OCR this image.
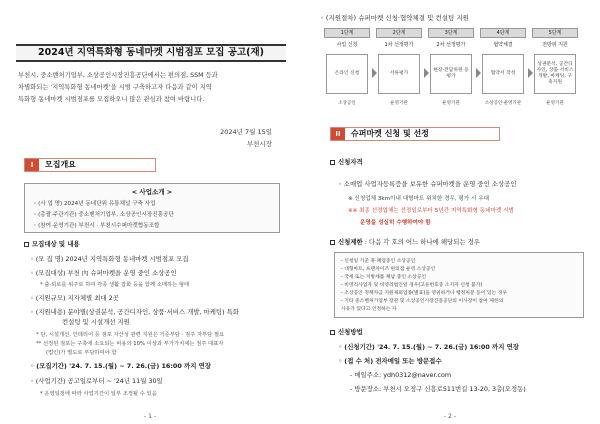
2024년 지역특화형 동네마켓 시범점포 모집 공고(재)
부천시, 중소벤처기업부, 소상공인시장진흥공단에서는 편의점, SSM 등과
차별화되는 '지역특화형 동네마켓'을 시범 구축하고자 다음과 같이 지역
특화형 동네마켓 시범점포를 모집하오니 많은 관심과 참여 바랍니다.
2024년 7월 15일
부천시장
I	모집개요
< 사업소개 >
◦ (사 업 명) 2024년 동네단위 유통채널 구축 사업
◦ (총괄·주관기관) 중소벤처기업부, 소상공인시장진흥공단
◦ (참여·운영기관) 부천시 · 부천시수퍼마켓협동조합
모집대상 및 내용
◦ (모 집 명) 2024년 지역특화형 동네마켓 시범점포 모집
◦ (모집대상) 부천 內 슈퍼마켓을 운영 중인 소상공인
* 출·퇴로를 위주로 하여 각종 생활 잡화 등을 함께 소매하는 형태
◦ (지원규모) 지자체별 최대 2곳
◦ (지원내용) 분야별(상권분석, 공간디자인, 상품·서비스 개발, 마케팅) 특화
컨설팅 및 시설개선 지원
* 단, 시설개선, 인테리어 등 점포 자산성 관련 지원은 기준부담 · 점주 자부담 필요
** 선정된 점포는 구축에 소요되는 비용의 10% 이상과 부가가치세는 점주 대표자
(법인)가 별도로 부담하여야 함
◦ (모집기간) '24. 7. 15.(월) ~ 7. 26.(금) 16:00 까지 연장
◦ (사업기간) 공고일로부터 ~ '24년 11월 30일
* 운영일정에 따라 사업기간이 일부 조정될 수 있음
- 1 -
◦ (지원절차) 슈퍼마켓 신청·협약체결 및 컨설팅 지원
1단계
사업 신청
온라인 신청
소상공인
2단계
1차 선정평가
서류평가
운영기관
3단계
2차 선정평가
현장·전담위원 등 평가
운영기관
4단계
협약체결
협약서 작성
소상공인·운영기관
5단계
전방위 지원
상권분석, 공간디자인, 상품·서비스개발, 마케팅, 구축지원
운영기관
II	슈퍼마켓 신청 및 선정
신청자격
◦ 소매업 사업자등록증을 보유한 슈퍼마켓을 운영 중인 소상공인
※ 신청업체 3km이내 대형마트 위치한 경우, 평가 시 우대
※※ 최종 선정업체는 선정일로부터 5년간 지역특화형 동네마켓 시범
운영을 성실히 수행하여야 함
신청제한 : 다음 각 호의 어느 하나에 해당되는 경우
- 신청일 기준 휴·폐업중인 소상공인
- 대형마트, 프랜차이즈 편의점 운영 소상공인
- 국세 또는 지방세를 체납 중인 소상공인
- 비영리사업자 및 비영리법인일 경우(고유번호증 소지자 신청 불가)
- 소상공인 정책자금 지원제외업종(별표)을 영위하거나 행정처분 등이 있는 경우
- 기타 중소벤처기업부 장관 및 소상공인시장진흥공단의 이사장이 참여 제한의
사유가 있다고 인정하는 자
신청방법
◦ (신청기간) '24. 7. 15.(월) ~ 7. 26.(금) 16:00 까지 연장
◦ (접 수 처) 전자메일 또는 방문접수
- 메일주소: ydh0312@naver.com
- 방문장소: 부천시 오정구 신흥로511번길 13-20, 3층(오정동)
- 2 -
